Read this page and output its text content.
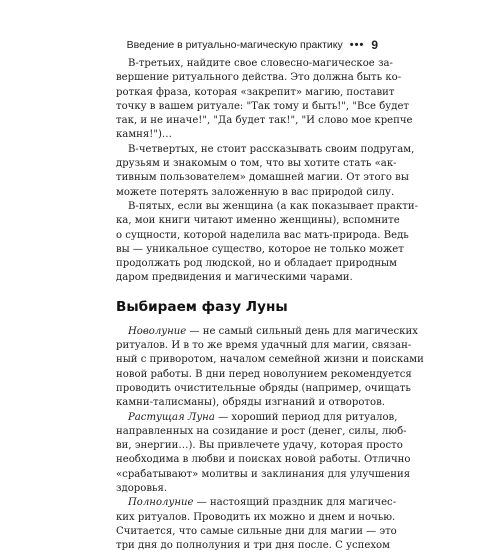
Введение в ритуально-магическую практику ••• 9
В-третьих, найдите свое словесно-магическое за-
вершение ритуального действа. Это должна быть ко-
роткая фраза, которая «закрепит» магию, поставит
точку в вашем ритуале: "Так тому и быть!", "Все будет
так, и не иначе!", "Да будет так!", "И слово мое крепче
камня!")…
В-четвертых, не стоит рассказывать своим подругам,
друзьям и знакомым о том, что вы хотите стать «ак-
тивным пользователем» домашней магии. От этого вы
можете потерять заложенную в вас природой силу.
В-пятых, если вы женщина (а как показывает практи-
ка, мои книги читают именно женщины), вспомните
о сущности, которой наделила вас мать-природа. Ведь
вы — уникальное существо, которое не только может
продолжать род людской, но и обладает природным
даром предвидения и магическими чарами.
Выбираем фазу Луны
Новолуние — не самый сильный день для магических
ритуалов. И в то же время удачный для магии, связан-
ный с приворотом, началом семейной жизни и поисками
новой работы. В дни перед новолунием рекомендуется
проводить очистительные обряды (например, очищать
камни-талисманы), обряды изгнаний и отворотов.
Растущая Луна — хороший период для ритуалов,
направленных на созидание и рост (денег, силы, люб-
ви, энергии…). Вы привлечете удачу, которая просто
необходима в любви и поисках новой работы. Отлично
«срабатывают» молитвы и заклинания для улучшения
здоровья.
Полнолуние — настоящий праздник для магичес-
ких ритуалов. Проводить их можно и днем и ночью.
Считается, что самые сильные дни для магии — это
три дня до полнолуния и три дня после. С успехом
